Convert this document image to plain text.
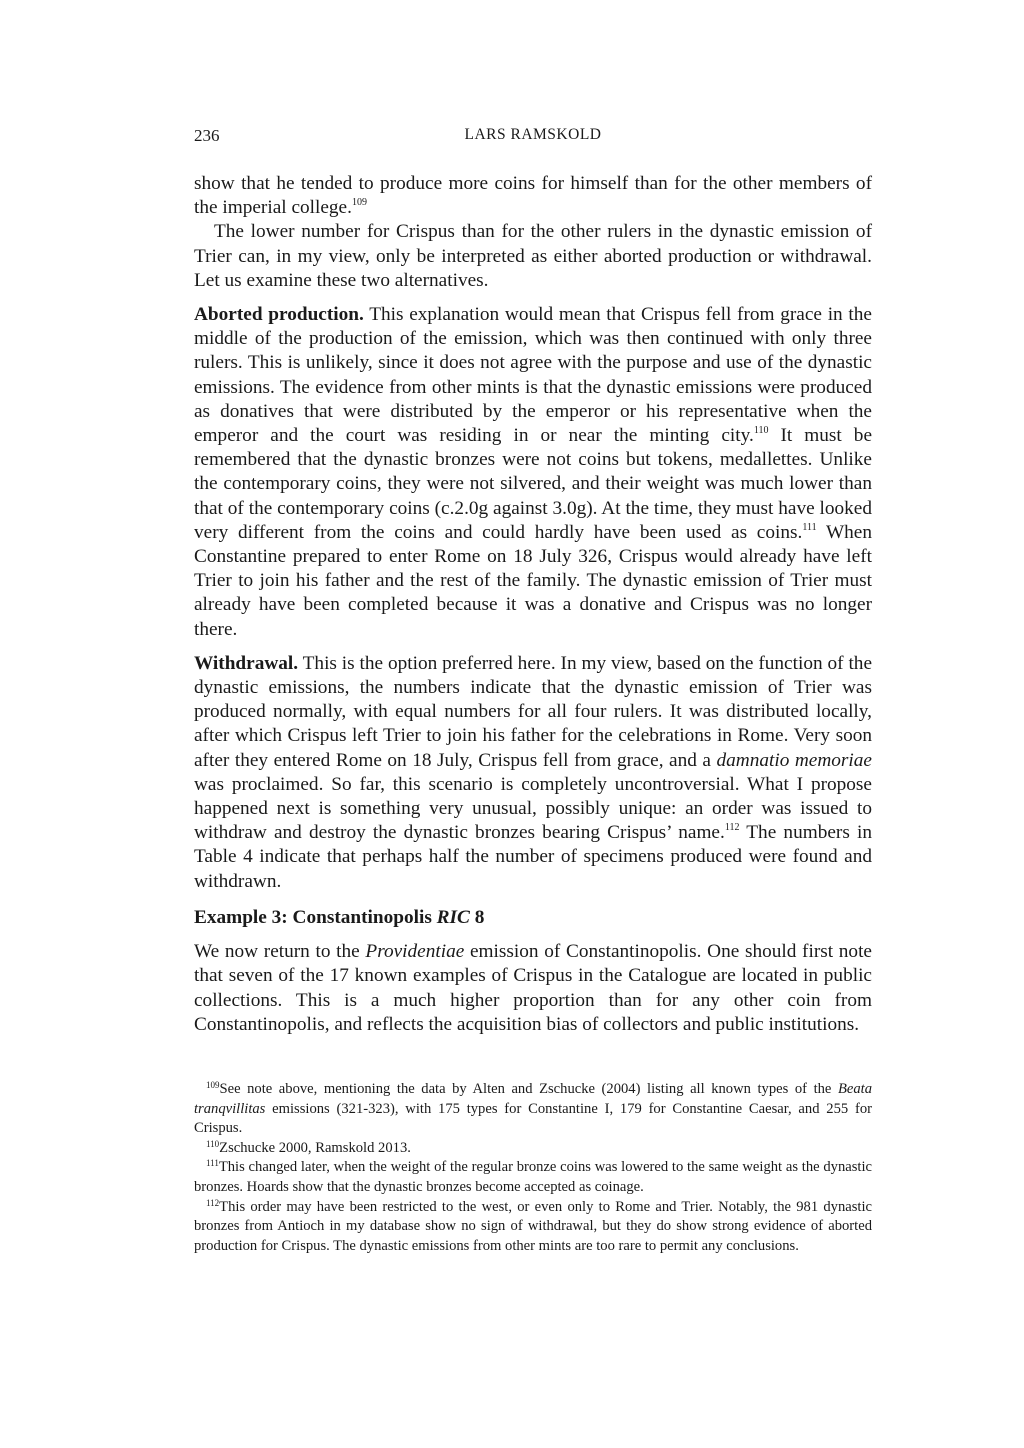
236	LARS RAMSKOLD

show that he tended to produce more coins for himself than for the other members of the imperial college.$^{109}$

The lower number for Crispus than for the other rulers in the dynastic emission of Trier can, in my view, only be interpreted as either aborted production or withdrawal. Let us examine these two alternatives.

Aborted production. This explanation would mean that Crispus fell from grace in the middle of the production of the emission, which was then continued with only three rulers. This is unlikely, since it does not agree with the purpose and use of the dynastic emissions. The evidence from other mints is that the dynastic emissions were produced as donatives that were distributed by the emperor or his representative when the emperor and the court was residing in or near the minting city.$^{110}$ It must be remembered that the dynastic bronzes were not coins but tokens, medallettes. Unlike the contemporary coins, they were not silvered, and their weight was much lower than that of the contemporary coins (c.2.0g against 3.0g). At the time, they must have looked very different from the coins and could hardly have been used as coins.$^{111}$ When Constantine prepared to enter Rome on 18 July 326, Crispus would already have left Trier to join his father and the rest of the family. The dynastic emission of Trier must already have been completed because it was a donative and Crispus was no longer there.

Withdrawal. This is the option preferred here. In my view, based on the function of the dynastic emissions, the numbers indicate that the dynastic emission of Trier was produced normally, with equal numbers for all four rulers. It was distributed locally, after which Crispus left Trier to join his father for the celebrations in Rome. Very soon after they entered Rome on 18 July, Crispus fell from grace, and a damnatio memoriae was proclaimed. So far, this scenario is completely uncontroversial. What I propose happened next is something very unusual, possibly unique: an order was issued to withdraw and destroy the dynastic bronzes bearing Crispus’ name.$^{112}$ The numbers in Table 4 indicate that perhaps half the number of specimens produced were found and withdrawn.

Example 3: Constantinopolis RIC 8

We now return to the Providentiae emission of Constantinopolis. One should first note that seven of the 17 known examples of Crispus in the Catalogue are located in public collections. This is a much higher proportion than for any other coin from Constantinopolis, and reflects the acquisition bias of collectors and public institutions.

$^{109}$See note above, mentioning the data by Alten and Zschucke (2004) listing all known types of the Beata tranqvillitas emissions (321-323), with 175 types for Constantine I, 179 for Constantine Caesar, and 255 for Crispus.

$^{110}$Zschucke 2000, Ramskold 2013.

$^{111}$This changed later, when the weight of the regular bronze coins was lowered to the same weight as the dynastic bronzes. Hoards show that the dynastic bronzes become accepted as coinage.

$^{112}$This order may have been restricted to the west, or even only to Rome and Trier. Notably, the 981 dynastic bronzes from Antioch in my database show no sign of withdrawal, but they do show strong evidence of aborted production for Crispus. The dynastic emissions from other mints are too rare to permit any conclusions.
